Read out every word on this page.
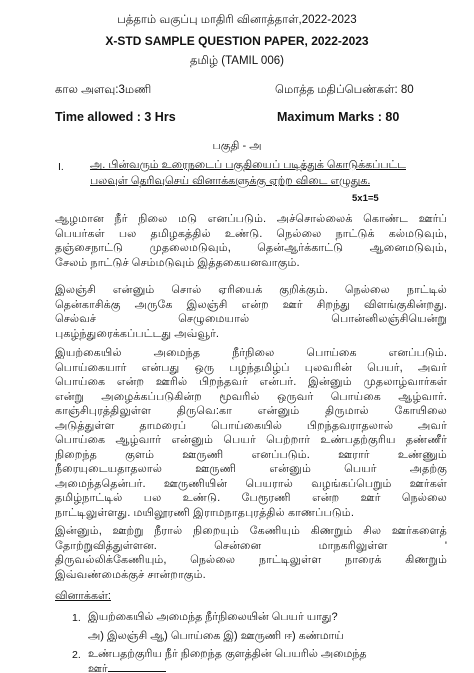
பத்தாம் வகுப்பு மாதிரி வினாத்தாள்,2022-2023
X-STD SAMPLE QUESTION PAPER, 2022-2023
தமிழ் (TAMIL 006)
கால அளவு:3மணி	மொத்த மதிப்பெண்கள்: 80
Time allowed : 3 Hrs	Maximum Marks : 80
பகுதி - அ
I. அ. பின்வரும் உரைநடைப் பகுதியைப் படித்துக் கொடுக்கப்பட்ட
பலவுள் தெரிவுசெய் வினாக்களுக்கு ஏற்ற விடை எழுதுக.
5x1=5
ஆழமான நீர் நிலை மடு எனப்படும். அச்சொல்லைக் கொண்ட ஊர்ப்
பெயர்கள் பல தமிழகத்தில் உண்டு. நெல்லை நாட்டுக் கல்மடுவும்,
தஞ்சைநாட்டு முதலைமடுவும், தென்ஆர்க்காட்டு ஆனைமடுவும்,
சேலம் நாட்டுச் செம்மடுவும் இத்தகையனவாகும்.
இலஞ்சி என்னும் சொல் ஏரியைக் குறிக்கும். நெல்லை நாட்டில்
தென்காசிக்கு அருகே இலஞ்சி என்ற ஊர் சிறந்து விளங்குகின்றது.
செல்வச்	செழுமையால்	பொன்னிலஞ்சியென்று
புகழ்ந்துரைக்கப்பட்டது அவ்வூர்.
இயற்கையில்	அமைந்த	நீர்நிலை	பொய்கை	எனப்படும்.
பொய்கையார் என்பது ஒரு பழந்தமிழ்ப் புலவரின் பெயர், அவர்
பொய்கை என்ற ஊரில் பிறந்தவர் என்பர். இன்னும் முதலாழ்வார்கள்
என்று அழைக்கப்படுகின்ற மூவரில் ஒருவர் பொய்கை ஆழ்வார்.
காஞ்சிபுரத்திலுள்ள திருவெ:கா என்னும் திருமால் கோயிலை
அடுத்துள்ள தாமரைப் பொய்கையில் பிறந்தவராதலால் அவர்
பொய்கை ஆழ்வார் என்னும் பெயர் பெற்றார் உண்பதற்குரிய தண்ணீர்
நிறைந்த	குளம்	ஊருணி	எனப்படும்.	ஊரார்	உண்ணும்
நீரையுடையதாதலால்	ஊருணி	என்னும்	பெயர்	அதற்கு
அமைந்ததென்பர். ஊருணியின் பெயரால் வழங்கப்பெறும் ஊர்கள்
தமிழ்நாட்டில் பல உண்டு. பேரூரணி என்ற ஊர் நெல்லை
நாட்டிலுள்ளது. மயிலூரணி இராமநாதபுரத்தில் காணப்படும்.
இன்னும், ஊற்று நீரால் நிறையும் கேணியும் கிணறும் சில ஊர்களைத்
தோற்றுவித்துள்ளன.	சென்னை	மாநகரிலுள்ள	'
திருவல்லிக்கேணியும், நெல்லை நாட்டிலுள்ள நாரைக் கிணறும்
இவ்வண்மைக்குச் சான்றாகும்.
வினாக்கள்:
1. இயற்கையில் அமைந்த நீர்நிலையின் பெயர் யாது?
அ) இலஞ்சி ஆ) பொய்கை இ) ஊருணி ஈ) கண்மாய்
2. உண்பதற்குரிய நீர் நிறைந்த குளத்தின் பெயரில் அமைந்த
ஊர்
